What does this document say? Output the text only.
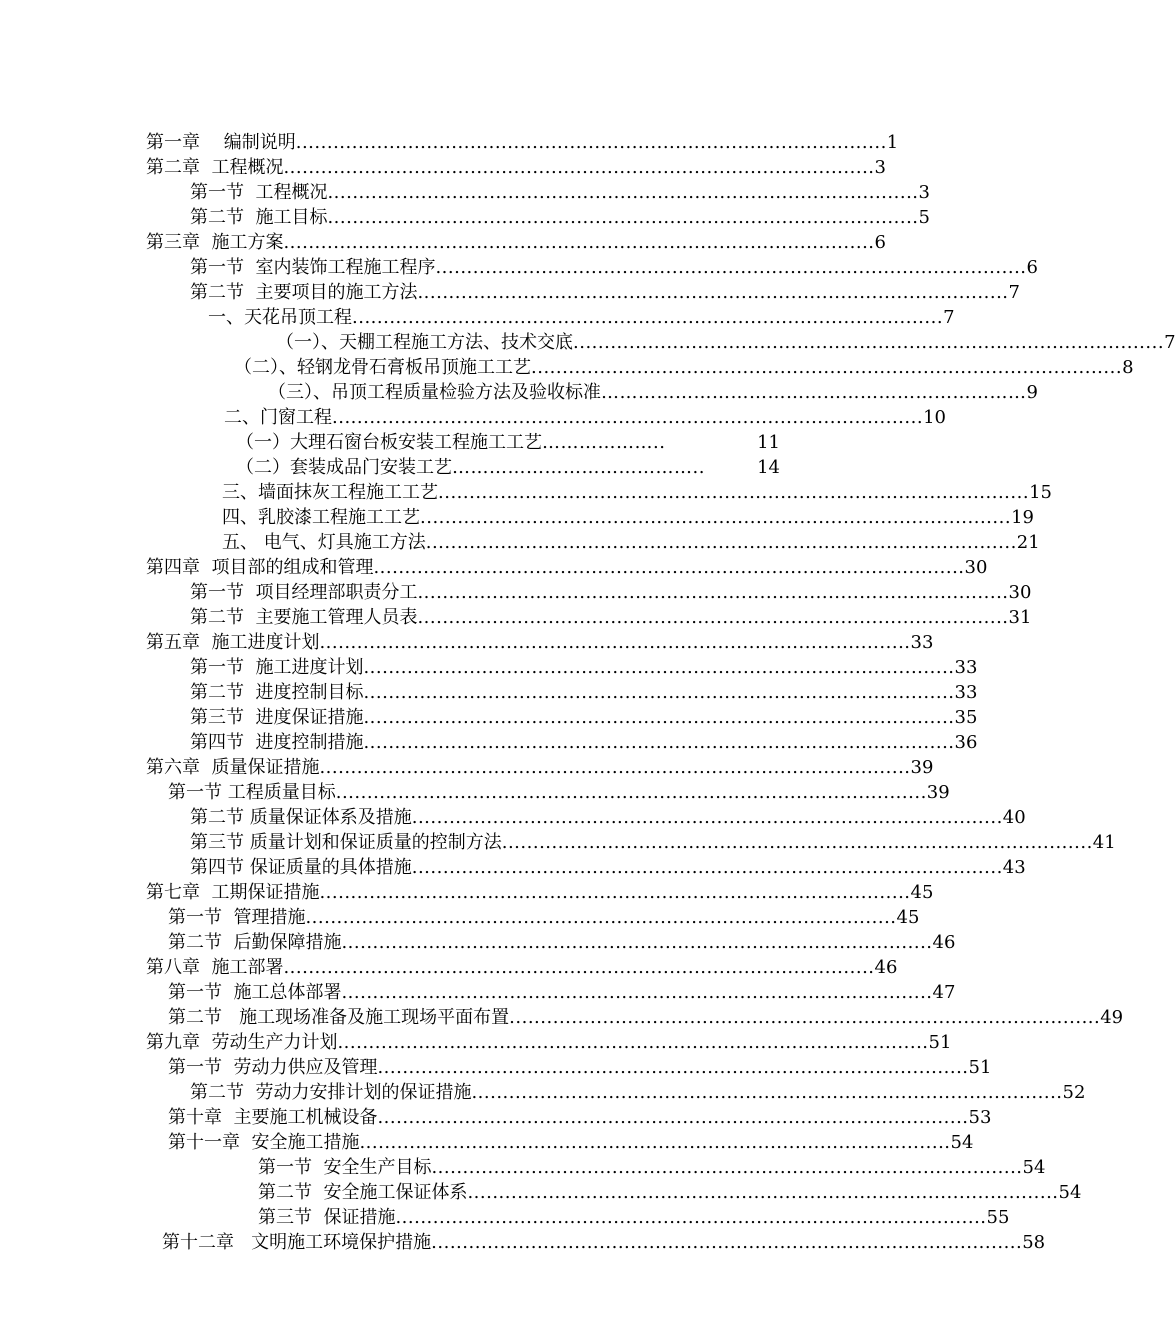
第一章　 编制说明 ............................................................................................... 1
第二章  工程概况 ............................................................................................... 3
第一节  工程概况 ............................................................................................... 3
第二节  施工目标 ............................................................................................... 5
第三章  施工方案 ............................................................................................... 6
第一节  室内装饰工程施工程序 ............................................................................................... 6
第二节  主要项目的施工方法 ............................................................................................... 7
一、天花吊顶工程 ............................................................................................... 7
（一）、天棚工程施工方法、技术交底 ............................................................................................... 7
（二）、轻钢龙骨石膏板吊顶施工工艺 ............................................................................................... 8
（三）、吊顶工程质量检验方法及验收标准 …………………………………………………………… 9
二、门窗工程 ............................................................................................... 10
（一）大理石窗台板安装工程施工工艺 ………………..	11
（二）套装成品门安装工艺 …………………………………..	14
三、墙面抹灰工程施工工艺 ............................................................................................... 15
四、乳胶漆工程施工工艺 ............................................................................................... 19
五、 电气、灯具施工方法 ............................................................................................... 21
第四章  项目部的组成和管理 ............................................................................................... 30
第一节  项目经理部职责分工 ............................................................................................... 30
第二节  主要施工管理人员表 ............................................................................................... 31
第五章  施工进度计划 ............................................................................................... 33
第一节  施工进度计划 ............................................................................................... 33
第二节  进度控制目标 ............................................................................................... 33
第三节  进度保证措施 ............................................................................................... 35
第四节  进度控制措施 ............................................................................................... 36
第六章  质量保证措施 ............................................................................................... 39
第一节 工程质量目标 ............................................................................................... 39
第二节 质量保证体系及措施 ............................................................................................... 40
第三节 质量计划和保证质量的控制方法 ............................................................................................... 41
第四节 保证质量的具体措施 ............................................................................................... 43
第七章  工期保证措施 ............................................................................................... 45
第一节  管理措施 ............................................................................................... 45
第二节  后勤保障措施 ............................................................................................... 46
第八章  施工部署 ............................................................................................... 46
第一节  施工总体部署 ............................................................................................... 47
第二节   施工现场准备及施工现场平面布置 ............................................................................................... 49
第九章  劳动生产力计划 ............................................................................................... 51
第一节  劳动力供应及管理 ............................................................................................... 51
第二节  劳动力安排计划的保证措施 ............................................................................................... 52
第十章  主要施工机械设备 ............................................................................................... 53
第十一章  安全施工措施 ............................................................................................... 54
第一节  安全生产目标 ............................................................................................... 54
第二节  安全施工保证体系 ............................................................................................... 54
第三节  保证措施 ............................................................................................... 55
第十二章   文明施工环境保护措施 ............................................................................................... 58
